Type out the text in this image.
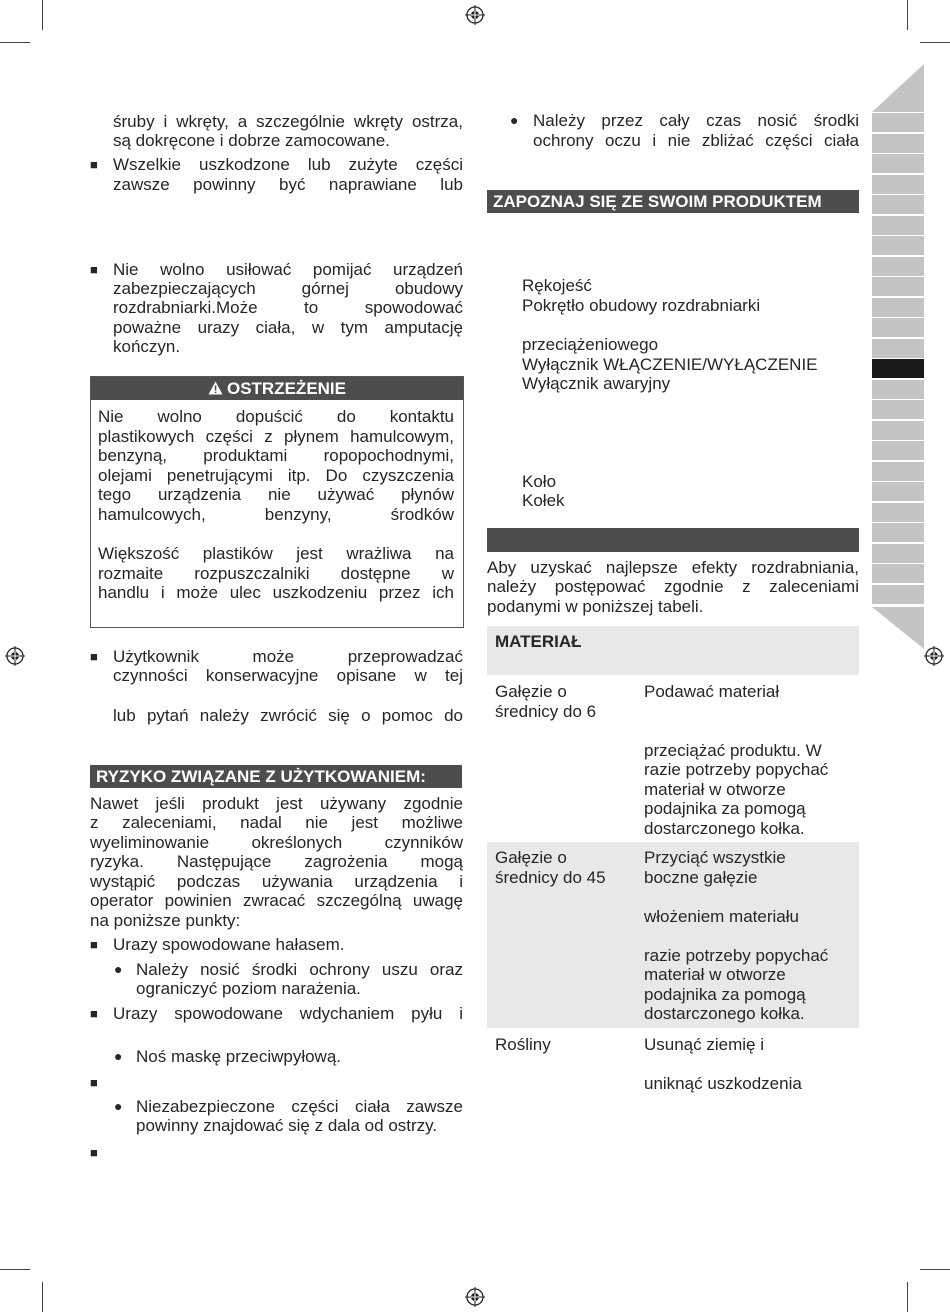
śruby i wkręty, a szczególnie wkręty ostrza,
są dokręcone i dobrze zamocowane.
■ Wszelkie uszkodzone lub zużyte części
zawsze powinny być naprawiane lub
■ Nie wolno usiłować pomijać urządzeń
zabezpieczających górnej obudowy
rozdrabniarki.Może to spowodować
poważne urazy ciała, w tym amputację
kończyn.
OSTRZEŻENIE
Nie wolno dopuścić do kontaktu
plastikowych części z płynem hamulcowym,
benzyną, produktami ropopochodnymi,
olejami penetrującymi itp. Do czyszczenia
tego urządzenia nie używać płynów
hamulcowych, benzyny, środków
Większość plastików jest wrażliwa na
rozmaite rozpuszczalniki dostępne w
handlu i może ulec uszkodzeniu przez ich
■ Użytkownik może przeprowadzać
czynności konserwacyjne opisane w tej
lub pytań należy zwrócić się o pomoc do
RYZYKO ZWIĄZANE Z UŻYTKOWANIEM:
Nawet jeśli produkt jest używany zgodnie
z zaleceniami, nadal nie jest możliwe
wyeliminowanie określonych czynników
ryzyka. Następujące zagrożenia mogą
wystąpić podczas używania urządzenia i
operator powinien zwracać szczególną uwagę
na poniższe punkty:
■ Urazy spowodowane hałasem.
● Należy nosić środki ochrony uszu oraz
ograniczyć poziom narażenia.
■ Urazy spowodowane wdychaniem pyłu i
● Noś maskę przeciwpyłową.
■
● Niezabezpieczone części ciała zawsze
powinny znajdować się z dala od ostrzy.
■
● Należy przez cały czas nosić środki
ochrony oczu i nie zbliżać części ciała
ZAPOZNAJ SIĘ ZE SWOIM PRODUKTEM
Rękojeść
Pokrętło obudowy rozdrabniarki
przeciążeniowego
Wyłącznik WŁĄCZENIE/WYŁĄCZENIE
Wyłącznik awaryjny
Koło
Kołek
Aby uzyskać najlepsze efekty rozdrabniania,
należy postępować zgodnie z zaleceniami
podanymi w poniższej tabeli.
MATERIAŁ
Gałęzie o
średnicy do 6
Podawać materiał
przeciążać produktu. W
razie potrzeby popychać
materiał w otworze
podajnika za pomogą
dostarczonego kołka.
Gałęzie o
średnicy do 45
Przyciąć wszystkie
boczne gałęzie
włożeniem materiału
razie potrzeby popychać
materiał w otworze
podajnika za pomogą
dostarczonego kołka.
Rośliny	Usunąć ziemię i
uniknąć uszkodzenia
